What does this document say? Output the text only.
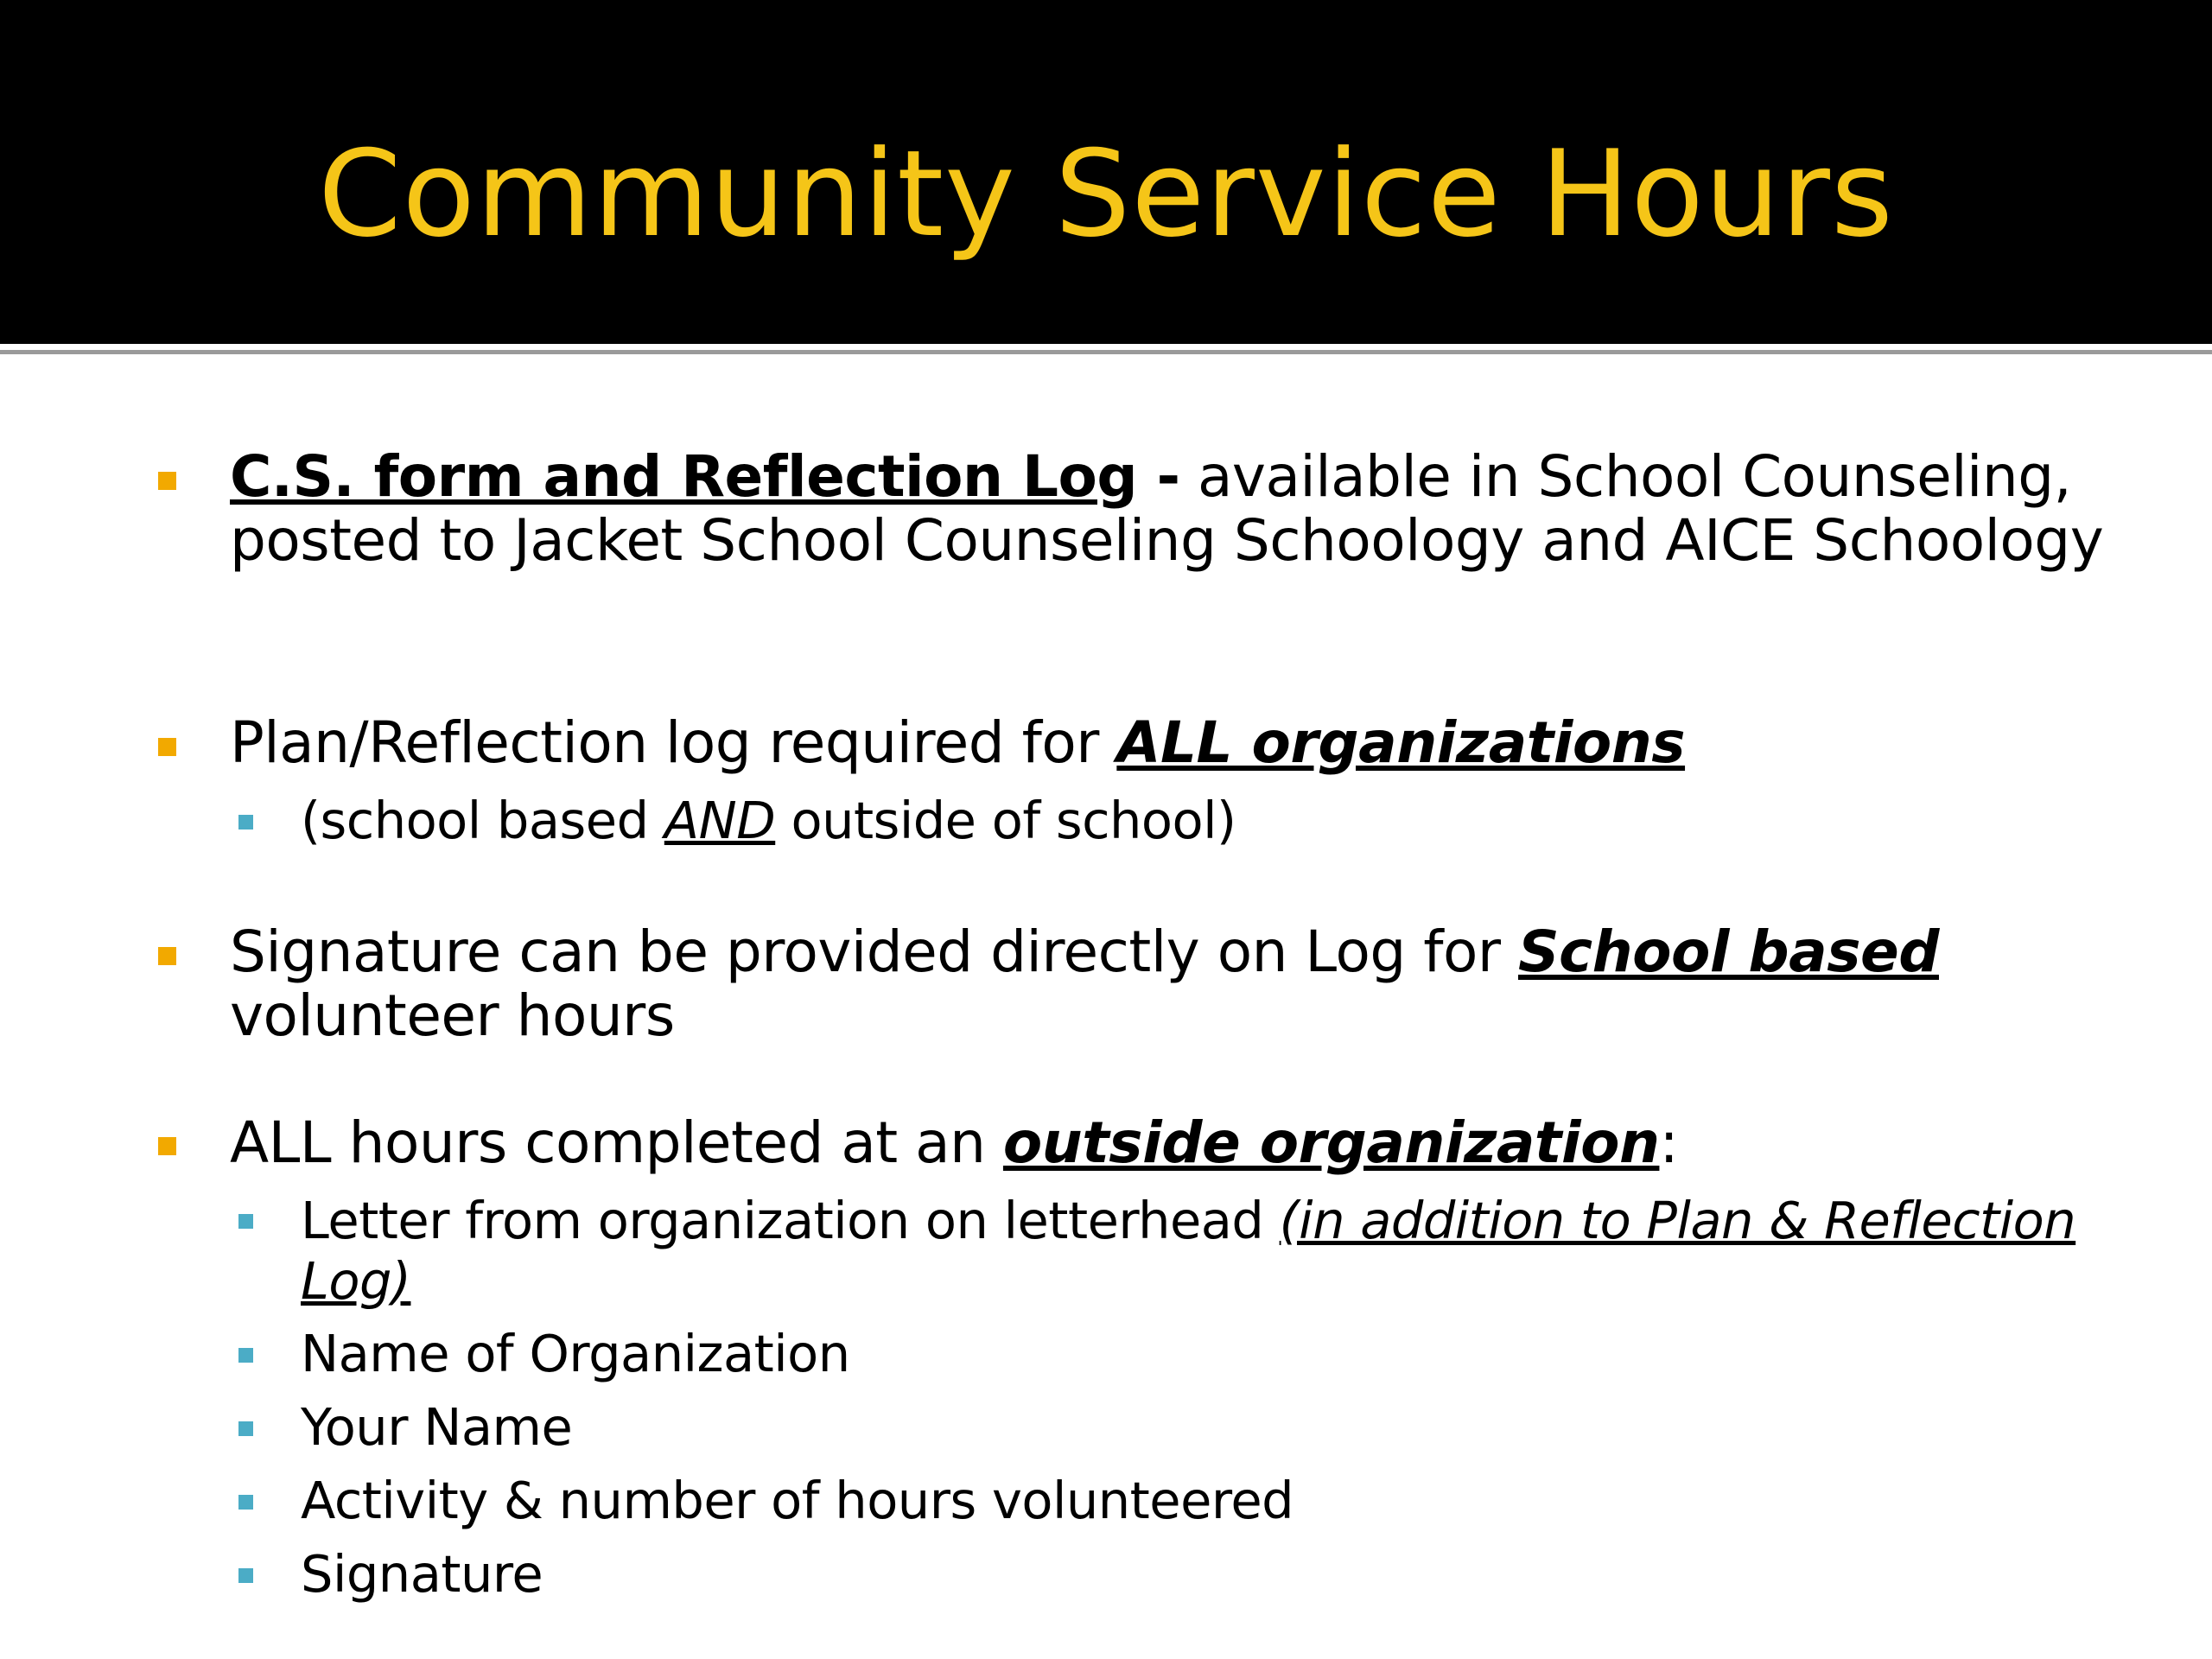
Community Service Hours
C.S. form and Reflection Log - available in School Counseling, posted to Jacket School Counseling Schoology and AICE Schoology
Plan/Reflection log required for ALL organizations
(school based AND outside of school)
Signature can be provided directly on Log for School based volunteer hours
ALL hours completed at an outside organization:
Letter from organization on letterhead (in addition to Plan & Reflection Log)
Name of Organization
Your Name
Activity & number of hours volunteered
Signature
